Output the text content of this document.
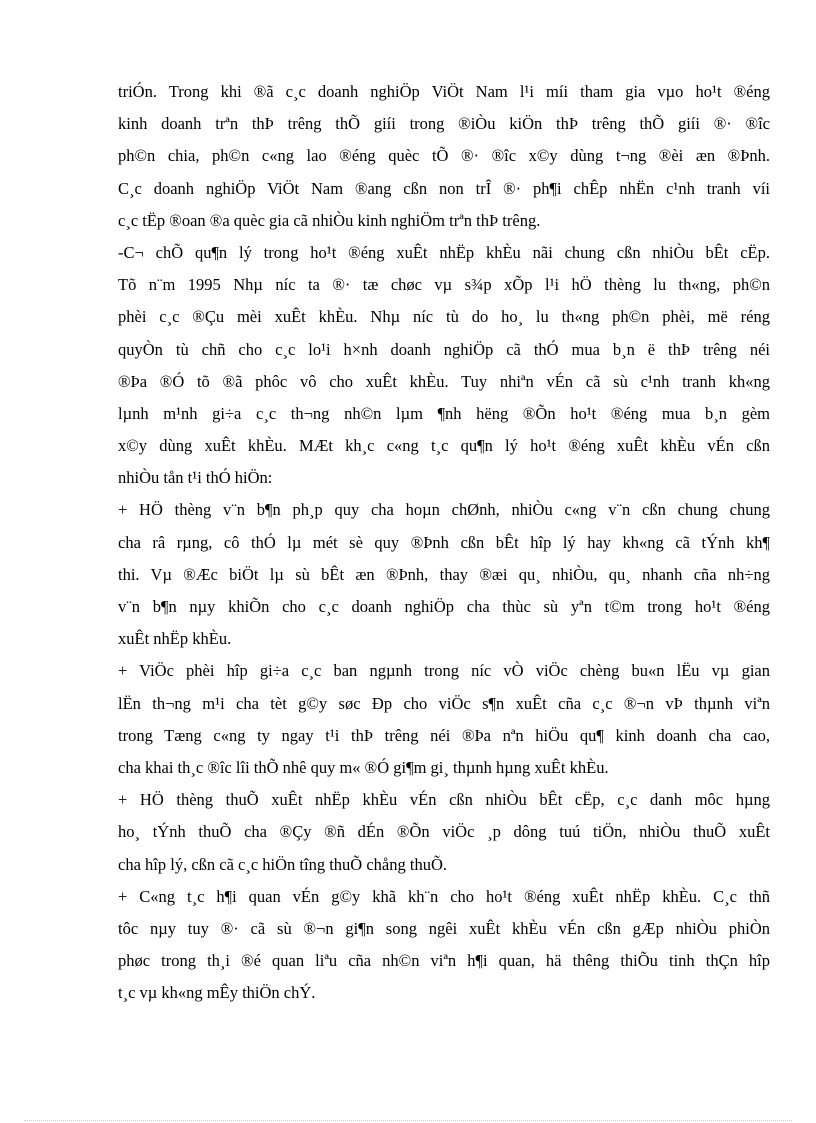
triÓn. Trong khi ®ã c¸c doanh nghiÖp ViÖt Nam l¹i míi tham gia vµo ho¹t ®éng
kinh doanh trªn thÞ trêng thÕ giíi trong ®iÒu kiÖn thÞ trêng thÕ giíi ®· ®îc
ph©n chia, ph©n c«ng lao ®éng quèc tÕ ®· ®îc x©y dùng t¬ng ®èi æn ®Þnh.
C¸c doanh nghiÖp ViÖt Nam ®ang cßn non trÎ ®· ph¶i chÊp nhËn c¹nh tranh víi
c¸c tËp ®oan ®a quèc gia cã nhiÒu kinh nghiÖm trªn thÞ trêng.
-C¬ chÕ qu¶n lý trong ho¹t ®éng xuÊt nhËp khÈu nãi chung cßn nhiÒu bÊt cËp.
Tõ n¨m 1995 Nhµ níc ta ®· tæ chøc vµ s¾p xÕp l¹i hÖ thèng lu th«ng, ph©n
phèi c¸c ®Çu mèi xuÊt khÈu. Nhµ níc tù do ho¸ lu th«ng ph©n phèi, më réng
quyÒn tù chñ cho c¸c lo¹i h×nh doanh nghiÖp cã thÓ mua b¸n ë thÞ trêng néi
®Þa ®Ó tõ ®ã phôc vô cho xuÊt khÈu. Tuy nhiªn vÉn cã sù c¹nh tranh kh«ng
lµnh m¹nh gi÷a c¸c th¬ng nh©n lµm ¶nh hëng ®Õn ho¹t ®éng mua b¸n gèm
x©y dùng xuÊt khÈu. MÆt kh¸c c«ng t¸c qu¶n lý ho¹t ®éng xuÊt khÈu vÉn cßn
nhiÒu tån t¹i thÓ hiÖn:
+ HÖ thèng v¨n b¶n ph¸p quy cha hoµn chØnh, nhiÒu c«ng v¨n cßn chung chung
cha râ rµng, cô thÓ lµ mét sè quy ®Þnh cßn bÊt hîp lý hay kh«ng cã tÝnh kh¶
thi. Vµ ®Æc biÖt lµ sù bÊt æn ®Þnh, thay ®æi qu¸ nhiÒu, qu¸ nhanh cña nh÷ng
v¨n b¶n nµy khiÕn cho c¸c doanh nghiÖp cha thùc sù yªn t©m trong ho¹t ®éng
xuÊt nhËp khÈu.
+ ViÖc phèi hîp gi÷a c¸c ban ngµnh trong níc vÒ viÖc chèng bu«n lËu vµ gian
lËn th¬ng m¹i cha tèt g©y søc Ðp cho viÖc s¶n xuÊt cña c¸c ®¬n vÞ thµnh viªn
trong Tæng c«ng ty ngay t¹i thÞ trêng néi ®Þa nªn hiÖu qu¶ kinh doanh cha cao,
cha khai th¸c ®îc lîi thÕ nhê quy m« ®Ó gi¶m gi¸ thµnh hµng xuÊt khÈu.
+ HÖ thèng thuÕ xuÊt nhËp khÈu vÉn cßn nhiÒu bÊt cËp, c¸c danh môc hµng
ho¸ tÝnh thuÕ cha ®Çy ®ñ dÉn ®Õn viÖc ¸p dông tuú tiÖn, nhiÒu thuÕ xuÊt
cha hîp lý, cßn cã c¸c hiÖn tîng thuÕ chång thuÕ.
+ C«ng t¸c h¶i quan vÉn g©y khã kh¨n cho ho¹t ®éng xuÊt nhËp khÈu. C¸c thñ
tôc nµy tuy ®· cã sù ®¬n gi¶n song ngêi xuÊt khÈu vÉn cßn gÆp nhiÒu phiÒn
phøc trong th¸i ®é quan liªu cña nh©n viªn h¶i quan, hä thêng thiÕu tinh thÇn hîp
t¸c vµ kh«ng mÊy thiÖn chÝ.
